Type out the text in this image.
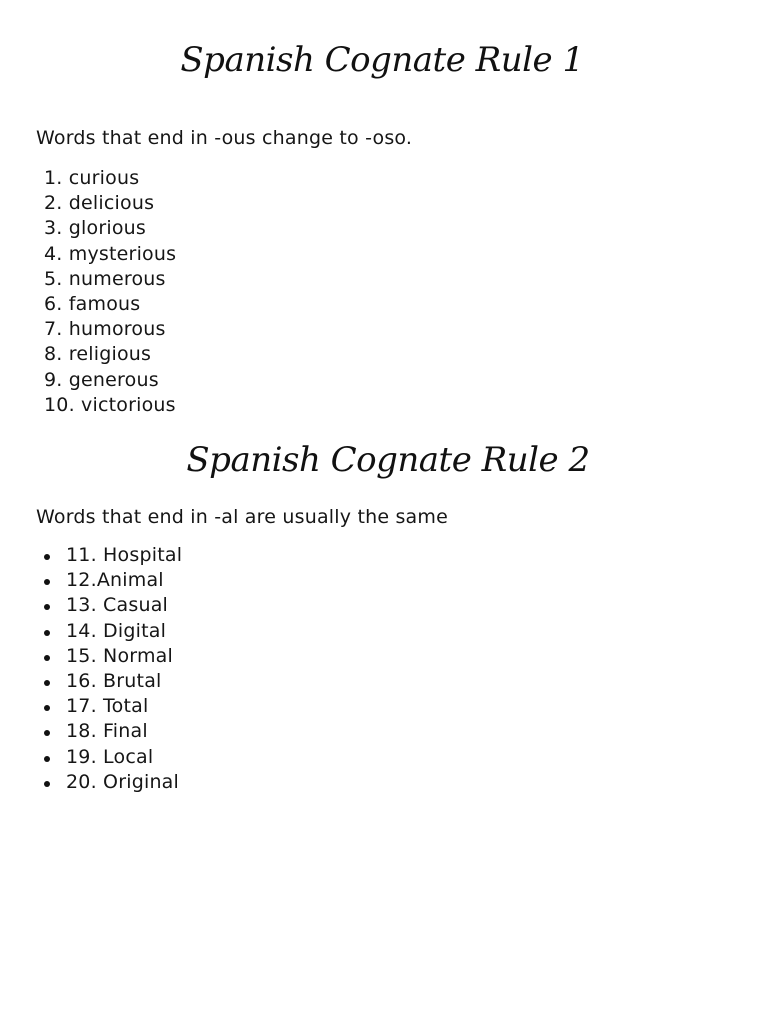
Spanish Cognate Rule 1

Words that end in -ous change to -oso.

1. curious
2. delicious
3. glorious
4. mysterious
5. numerous
6. famous
7. humorous
8. religious
9. generous
10. victorious
Spanish Cognate Rule 2

Words that end in -al are usually the same

11. Hospital
12.Animal
13. Casual
14. Digital
15. Normal
16. Brutal
17. Total
18. Final
19. Local
20. Original
